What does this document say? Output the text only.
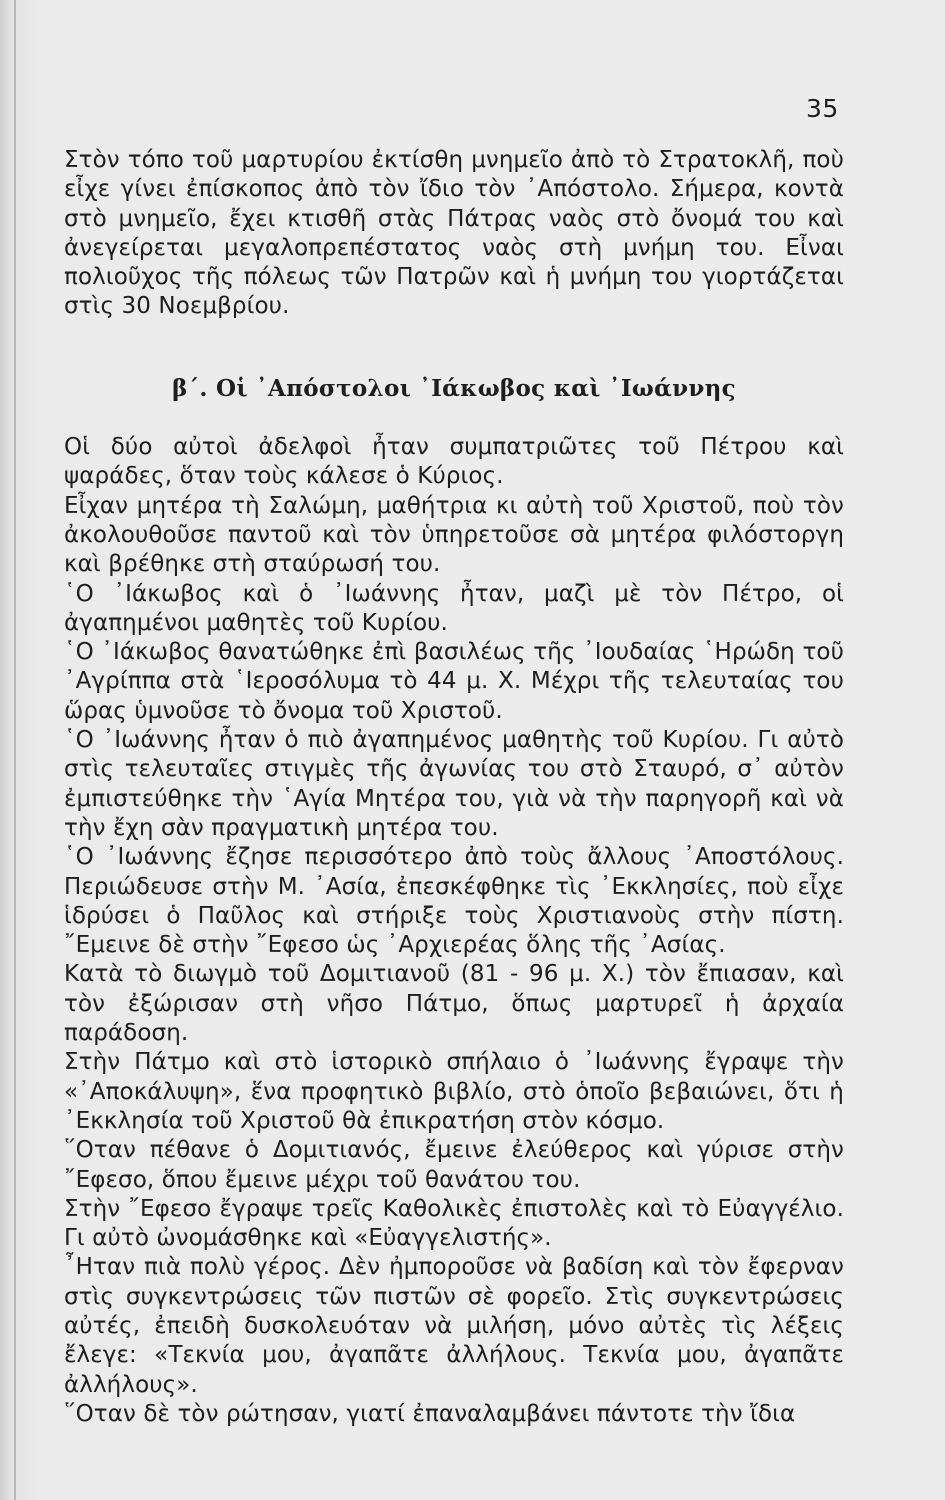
35

Στὸν τόπο τοῦ μαρτυρίου ἐκτίσθη μνημεῖο ἀπὸ τὸ Στρατοκλῆ, ποὺ εἶχε γίνει ἐπίσκοπος ἀπὸ τὸν ἴδιο τὸν ᾿Απόστολο. Σήμερα, κοντὰ στὸ μνημεῖο, ἔχει κτισθῆ στὰς Πάτρας ναὸς στὸ ὄνομά του καὶ ἀνεγείρεται μεγαλοπρεπέστατος ναὸς στὴ μνήμη του. Εἶναι πολιοῦχος τῆς πόλεως τῶν Πατρῶν καὶ ἡ μνήμη του γιορτάζεται στὶς 30 Νοεμβρίου.

β΄. Οἱ ᾿Απόστολοι ᾿Ιάκωβος καὶ ᾿Ιωάννης

Οἱ δύο αὐτοὶ ἀδελφοὶ ἦταν συμπατριῶτες τοῦ Πέτρου καὶ ψαράδες, ὅταν τοὺς κάλεσε ὁ Κύριος.

Εἶχαν μητέρα τὴ Σαλώμη, μαθήτρια κι αὐτὴ τοῦ Χριστοῦ, ποὺ τὸν ἀκολουθοῦσε παντοῦ καὶ τὸν ὑπηρετοῦσε σὰ μητέρα φιλόστοργη καὶ βρέθηκε στὴ σταύρωσή του.

῾Ο ᾿Ιάκωβος καὶ ὁ ᾿Ιωάννης ἦταν, μαζὶ μὲ τὸν Πέτρο, οἱ ἀγαπημένοι μαθητὲς τοῦ Κυρίου.

῾Ο ᾿Ιάκωβος θανατώθηκε ἐπὶ βασιλέως τῆς ᾿Ιουδαίας ῾Ηρώδη τοῦ ᾿Αγρίππα στὰ ῾Ιεροσόλυμα τὸ 44 μ. Χ. Μέχρι τῆς τελευταίας του ὥρας ὑμνοῦσε τὸ ὄνομα τοῦ Χριστοῦ.

῾Ο ᾿Ιωάννης ἦταν ὁ πιὸ ἀγαπημένος μαθητὴς τοῦ Κυρίου. Γι αὐτὸ στὶς τελευταῖες στιγμὲς τῆς ἀγωνίας του στὸ Σταυρό, σ᾿ αὐτὸν ἐμπιστεύθηκε τὴν ῾Αγία Μητέρα του, γιὰ νὰ τὴν παρηγορῆ καὶ νὰ τὴν ἔχη σὰν πραγματικὴ μητέρα του.

῾Ο ᾿Ιωάννης ἔζησε περισσότερο ἀπὸ τοὺς ἄλλους ᾿Αποστόλους. Περιώδευσε στὴν Μ. ᾿Ασία, ἐπεσκέφθηκε τὶς ᾿Εκκλησίες, ποὺ εἶχε ἱδρύσει ὁ Παῦλος καὶ στήριξε τοὺς Χριστιανοὺς στὴν πίστη. ῎Εμεινε δὲ στὴν ῎Εφεσο ὡς ᾿Αρχιερέας ὅλης τῆς ᾿Ασίας.

Κατὰ τὸ διωγμὸ τοῦ Δομιτιανοῦ (81 - 96 μ. Χ.) τὸν ἔπιασαν, καὶ τὸν ἐξώρισαν στὴ νῆσο Πάτμο, ὅπως μαρτυρεῖ ἡ ἀρχαία παράδοση.

Στὴν Πάτμο καὶ στὸ ἱστορικὸ σπήλαιο ὁ ᾿Ιωάννης ἔγραψε τὴν «᾿Αποκάλυψη», ἕνα προφητικὸ βιβλίο, στὸ ὁποῖο βεβαιώνει, ὅτι ἡ ᾿Εκκλησία τοῦ Χριστοῦ θὰ ἐπικρατήση στὸν κόσμο.

῞Οταν πέθανε ὁ Δομιτιανός, ἔμεινε ἐλεύθερος καὶ γύρισε στὴν ῎Εφεσο, ὅπου ἔμεινε μέχρι τοῦ θανάτου του.

Στὴν ῎Εφεσο ἔγραψε τρεῖς Καθολικὲς ἐπιστολὲς καὶ τὸ Εὐαγγέλιο. Γι αὐτὸ ὠνομάσθηκε καὶ «Εὐαγγελιστής».

῏Ηταν πιὰ πολὺ γέρος. Δὲν ἠμποροῦσε νὰ βαδίση καὶ τὸν ἔφερναν στὶς συγκεντρώσεις τῶν πιστῶν σὲ φορεῖο. Στὶς συγκεντρώσεις αὐτές, ἐπειδὴ δυσκολευόταν νὰ μιλήση, μόνο αὐτὲς τὶς λέξεις ἔλεγε: «Τεκνία μου, ἀγαπᾶτε ἀλλήλους. Τεκνία μου, ἀγαπᾶτε ἀλλήλους».

῞Οταν δὲ τὸν ρώτησαν, γιατί ἐπαναλαμβάνει πάντοτε τὴν ἴδια
